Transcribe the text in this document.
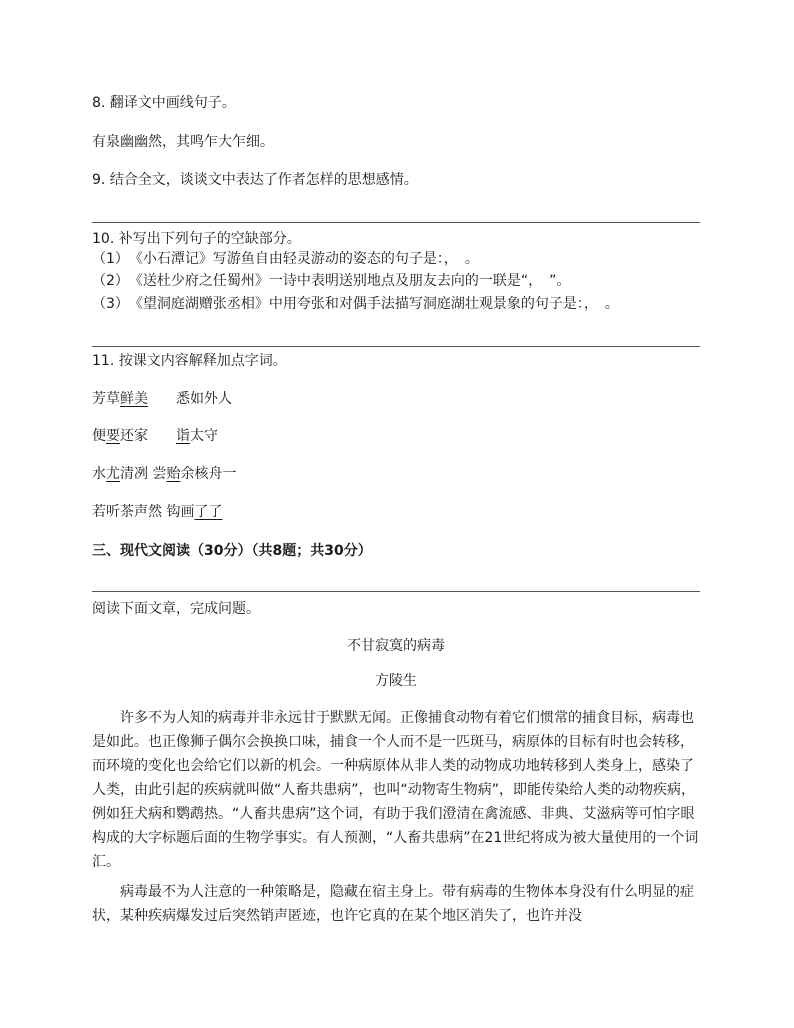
8. 翻译文中画线句子。
有泉幽幽然，其鸣乍大乍细。
9. 结合全文，谈谈文中表达了作者怎样的思想感情。
10. 补写出下列句子的空缺部分。
（1）　《小石潭记》写游鱼自由轻灵游动的姿态的句子是：，　。
（2）　《送杜少府之任蜀州》一诗中表明送别地点及朋友去向的一联是“，　”。
（3）　《望洞庭湖赠张丞相》中用夸张和对偶手法描写洞庭湖壮观景象的句子是：，　。
11. 按课文内容解释加点字词。
芳草鲜美 悉如外人
便要还家 诣太守
水尤清冽 尝贻余核舟一
若听茶声然 钩画了了
三、现代文阅读（30分）（共8题；共30分）
阅读下面文章，完成问题。
不甘寂寞的病毒
方陵生

许多不为人知的病毒并非永远甘于默默无闻。正像捕食动物有着它们惯常的捕食目标，病毒也是如此。也正像狮子偶尔会换换口味，捕食一个人而不是一匹斑马，病原体的目标有时也会转移，而环境的变化也会给它们以新的机会。一种病原体从非人类的动物成功地转移到人类身上，感染了人类，由此引起的疾病就叫做“人畜共患病”，也叫“动物寄生物病”，即能传染给人类的动物疾病，例如狂犬病和鹦鹉热。“人畜共患病”这个词，有助于我们澄清在禽流感、非典、艾滋病等可怕字眼构成的大字标题后面的生物学事实。有人预测，“人畜共患病”在21世纪将成为被大量使用的一个词汇。

病毒最不为人注意的一种策略是，隐藏在宿主身上。带有病毒的生物体本身没有什么明显的症状，某种疾病爆发过后突然销声匿迹，也许它真的在某个地区消失了，也许并没
